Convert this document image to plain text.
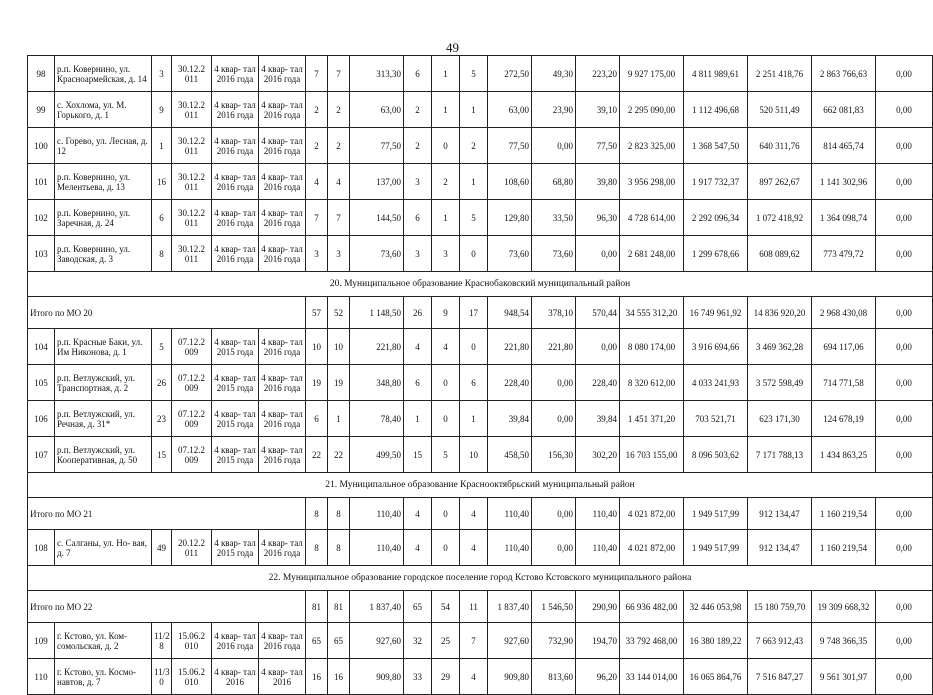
49
98	р.п. Ковернино, ул. Красноармейская, д. 14	3	30.12.2 011	4 квар- тал 2016 года	4 квар- тал 2016 года	7	7	313,30	6	1	5	272,50	49,30	223,20	9 927 175,00	4 811 989,61	2 251 418,76	2 863 766,63	0,00
99	с. Хохлома, ул. М. Горького, д. 1	9	30.12.2 011	4 квар- тал 2016 года	4 квар- тал 2016 года	2	2	63,00	2	1	1	63,00	23,90	39,10	2 295 090,00	1 112 496,68	520 511,49	662 081,83	0,00
100	с. Горево, ул. Лесная, д. 12	1	30.12.2 011	4 квар- тал 2016 года	4 квар- тал 2016 года	2	2	77,50	2	0	2	77,50	0,00	77,50	2 823 325,00	1 368 547,50	640 311,76	814 465,74	0,00
101	р.п. Ковернино, ул. Мелентьева, д. 13	16	30.12.2 011	4 квар- тал 2016 года	4 квар- тал 2016 года	4	4	137,00	3	2	1	108,60	68,80	39,80	3 956 298,00	1 917 732,37	897 262,67	1 141 302,96	0,00
102	р.п. Ковернино, ул. Заречная, д. 24	6	30.12.2 011	4 квар- тал 2016 года	4 квар- тал 2016 года	7	7	144,50	6	1	5	129,80	33,50	96,30	4 728 614,00	2 292 096,34	1 072 418,92	1 364 098,74	0,00
103	р.п. Ковернино, ул. Заводская, д. 3	8	30.12.2 011	4 квар- тал 2016 года	4 квар- тал 2016 года	3	3	73,60	3	3	0	73,60	73,60	0,00	2 681 248,00	1 299 678,66	608 089,62	773 479,72	0,00
20. Муниципальное образование Краснобаковский муниципальный район																			
Итого по МО 20						57	52	1 148,50	26	9	17	948,54	378,10	570,44	34 555 312,20	16 749 961,92	14 836 920,20	2 968 430,08	0,00
104	р.п. Красные Баки, ул. Им Никонова, д. 1	5	07.12.2 009	4 квар- тал 2015 года	4 квар- тал 2016 года	10	10	221,80	4	4	0	221,80	221,80	0,00	8 080 174,00	3 916 694,66	3 469 362,28	694 117,06	0,00
105	р.п. Ветлужский, ул. Транспортная, д. 2	26	07.12.2 009	4 квар- тал 2015 года	4 квар- тал 2016 года	19	19	348,80	6	0	6	228,40	0,00	228,40	8 320 612,00	4 033 241,93	3 572 598,49	714 771,58	0,00
106	р.п. Ветлужский, ул. Речная, д. 31*	23	07.12.2 009	4 квар- тал 2015 года	4 квар- тал 2016 года	6	1	78,40	1	0	1	39,84	0,00	39,84	1 451 371,20	703 521,71	623 171,30	124 678,19	0,00
107	р.п. Ветлужский, ул. Кооперативная, д. 50	15	07.12.2 009	4 квар- тал 2015 года	4 квар- тал 2016 года	22	22	499,50	15	5	10	458,50	156,30	302,20	16 703 155,00	8 096 503,62	7 171 788,13	1 434 863,25	0,00
21. Муниципальное образование Краснооктябрьский муниципальный район																			
Итого по МО 21						8	8	110,40	4	0	4	110,40	0,00	110,40	4 021 872,00	1 949 517,99	912 134,47	1 160 219,54	0,00
108	с. Салганы, ул. Но- вая, д. 7	49	20.12.2 011	4 квар- тал 2015 года	4 квар- тал 2016 года	8	8	110,40	4	0	4	110,40	0,00	110,40	4 021 872,00	1 949 517,99	912 134,47	1 160 219,54	0,00
22. Муниципальное образование городское поселение город Кстово Кстовского муниципального района																			
Итого по МО 22						81	81	1 837,40	65	54	11	1 837,40	1 546,50	290,90	66 936 482,00	32 446 053,98	15 180 759,70	19 309 668,32	0,00
109	г. Кстово, ул. Ком- сомольская, д. 2	11/2 8	15.06.2 010	4 квар- тал 2016 года	4 квар- тал 2016 года	65	65	927,60	32	25	7	927,60	732,90	194,70	33 792 468,00	16 380 189,22	7 663 912,43	9 748 366,35	0,00
110	г. Кстово, ул. Космо- навтов, д. 7	11/3 0	15.06.2 010	4 квар- тал 2016	4 квар- тал 2016	16	16	909,80	33	29	4	909,80	813,60	96,20	33 144 014,00	16 065 864,76	7 516 847,27	9 561 301,97	0,00
